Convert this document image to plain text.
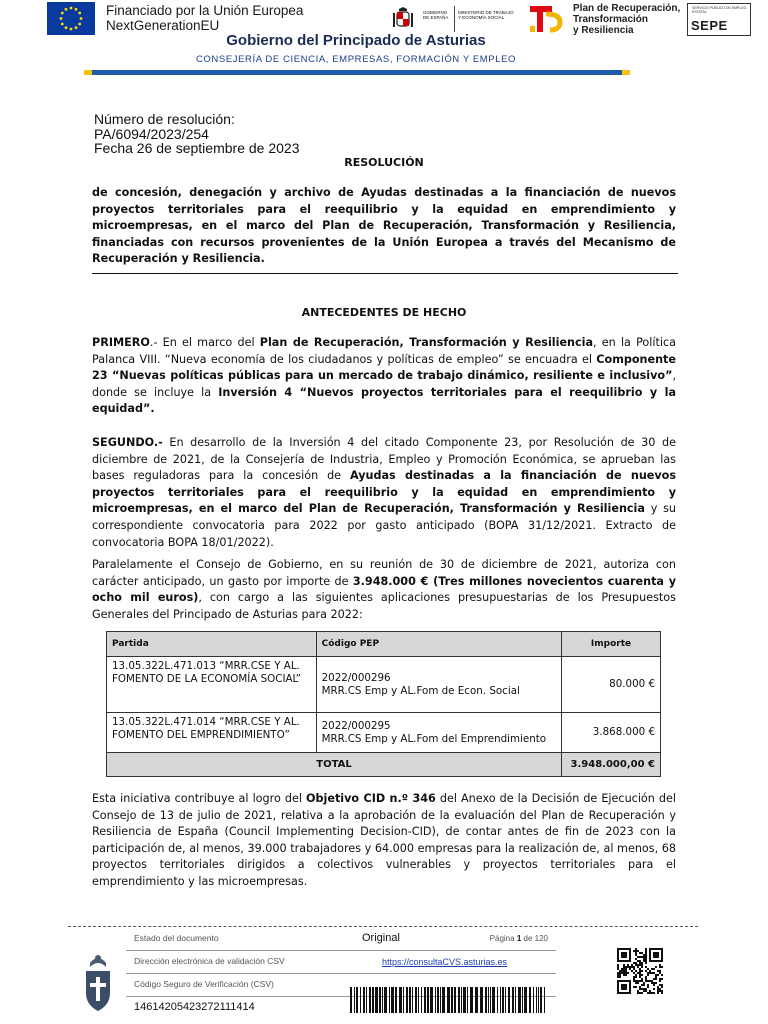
Financiado por la Unión Europea
NextGenerationEU
GOBIERNO DE ESPAÑA
MINISTERIO DE TRABAJO Y ECONOMÍA SOCIAL
Plan de Recuperación,
Transformación
y Resiliencia
SERVICIO PÚBLICO DE EMPLEO ESTATAL
SEPE
Gobierno del Principado de Asturias
CONSEJERÍA DE CIENCIA, EMPRESAS, FORMACIÓN Y EMPLEO
Número de resolución:
PA/6094/2023/254
Fecha 26 de septiembre de 2023
RESOLUCIÓN
de concesión, denegación y archivo de Ayudas destinadas a la financiación de nuevos proyectos territoriales para el reequilibrio y la equidad en emprendimiento y microempresas, en el marco del Plan de Recuperación, Transformación y Resiliencia, financiadas con recursos provenientes de la Unión Europea a través del Mecanismo de Recuperación y Resiliencia.
ANTECEDENTES DE HECHO
PRIMERO.- En el marco del Plan de Recuperación, Transformación y Resiliencia, en la Política Palanca VIII. “Nueva economía de los ciudadanos y políticas de empleo” se encuadra el Componente 23 “Nuevas políticas públicas para un mercado de trabajo dinámico, resiliente e inclusivo”, donde se incluye la Inversión 4 “Nuevos proyectos territoriales para el reequilibrio y la equidad”.
SEGUNDO.- En desarrollo de la Inversión 4 del citado Componente 23, por Resolución de 30 de diciembre de 2021, de la Consejería de Industria, Empleo y Promoción Económica, se aprueban las bases reguladoras para la concesión de Ayudas destinadas a la financiación de nuevos proyectos territoriales para el reequilibrio y la equidad en emprendimiento y microempresas, en el marco del Plan de Recuperación, Transformación y Resiliencia y su correspondiente convocatoria para 2022 por gasto anticipado (BOPA 31/12/2021. Extracto de convocatoria BOPA 18/01/2022).
Paralelamente el Consejo de Gobierno, en su reunión de 30 de diciembre de 2021, autoriza con carácter anticipado, un gasto por importe de 3.948.000 € (Tres millones novecientos cuarenta y ocho mil euros), con cargo a las siguientes aplicaciones presupuestarias de los Presupuestos Generales del Principado de Asturias para 2022:
Partida	Código PEP	Importe
13.05.322L.471.013 “MRR.CSE Y AL. FOMENTO DE LA ECONOMÍA SOCIAL”	2022/000296
MRR.CS Emp y AL.Fom de Econ. Social	80.000 €
13.05.322L.471.014 “MRR.CSE Y AL. FOMENTO DEL EMPRENDIMIENTO”	2022/000295
MRR.CS Emp y AL.Fom del Emprendimiento	3.868.000 €
TOTAL		3.948.000,00 €
Esta iniciativa contribuye al logro del Objetivo CID n.º 346 del Anexo de la Decisión de Ejecución del Consejo de 13 de julio de 2021, relativa a la aprobación de la evaluación del Plan de Recuperación y Resiliencia de España (Council Implementing Decision-CID), de contar antes de fin de 2023 con la participación de, al menos, 39.000 trabajadores y 64.000 empresas para la realización de, al menos, 68 proyectos territoriales dirigidos a colectivos vulnerables y proyectos territoriales para el emprendimiento y las microempresas.
Estado del documento	Original	Página 1 de 120
Dirección electrónica de validación CSV	https://consultaCVS.asturias.es
Código Seguro de Verificación (CSV)
14614205423272111414
